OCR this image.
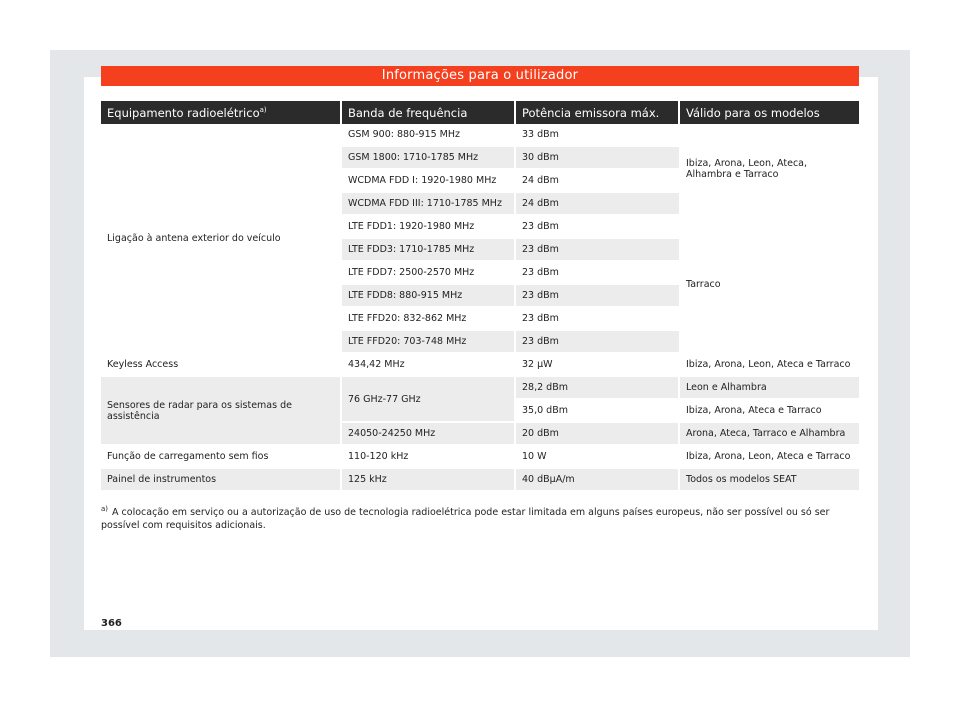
Informações para o utilizador
Equipamento radioelétrico$^{a)}$	Banda de frequência	Potência emissora máx.	Válido para os modelos
Ligação à antena exterior do veículo	GSM 900: 880-915 MHz	33 dBm	Ibiza, Arona, Leon, Ateca, Alhambra e Tarraco
	GSM 1800: 1710-1785 MHz	30 dBm	
	WCDMA FDD I: 1920-1980 MHz	24 dBm	
	WCDMA FDD III: 1710-1785 MHz	24 dBm	
	LTE FDD1: 1920-1980 MHz	23 dBm	Tarraco
	LTE FDD3: 1710-1785 MHz	23 dBm	
	LTE FDD7: 2500-2570 MHz	23 dBm	
	LTE FDD8: 880-915 MHz	23 dBm	
	LTE FFD20: 832-862 MHz	23 dBm	
	LTE FFD20: 703-748 MHz	23 dBm	
Keyless Access	434,42 MHz	32 µW	Ibiza, Arona, Leon, Ateca e Tarraco
Sensores de radar para os sistemas de assistência	76 GHz-77 GHz	28,2 dBm	Leon e Alhambra
		35,0 dBm	Ibiza, Arona, Ateca e Tarraco
	24050-24250 MHz	20 dBm	Arona, Ateca, Tarraco e Alhambra
Função de carregamento sem fios	110-120 kHz	10 W	Ibiza, Arona, Leon, Ateca e Tarraco
Painel de instrumentos	125 kHz	40 dBµA/m	Todos os modelos SEAT
$^{a)}$ A colocação em serviço ou a autorização de uso de tecnologia radioelétrica pode estar limitada em alguns países europeus, não ser possível ou só ser possível com requisitos adicionais.
366
